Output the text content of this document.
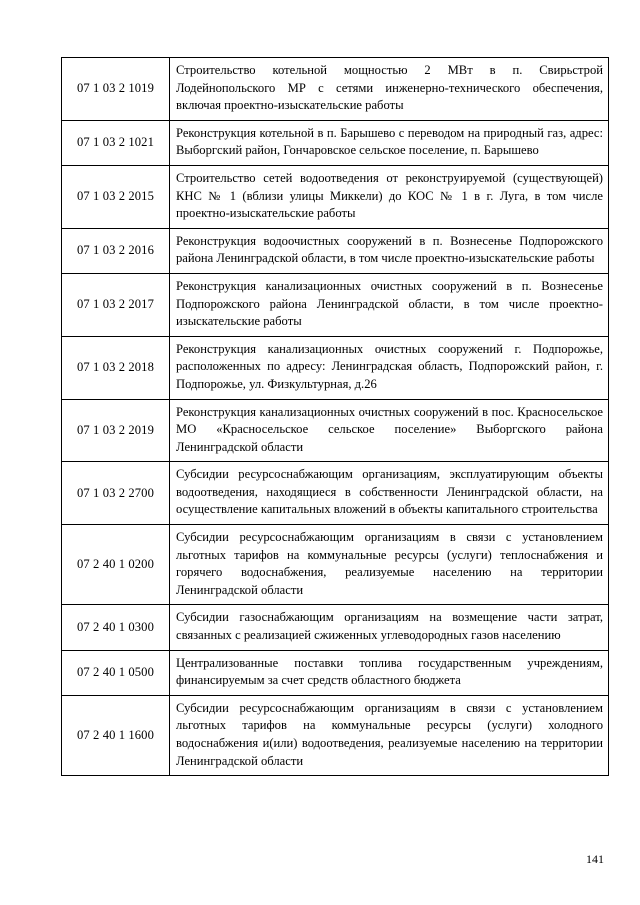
07 1 03 2 1019	Строительство котельной мощностью 2 МВт в п. Свирьстрой Лодейнопольского МР с сетями инженерно-технического обеспечения, включая проектно-изыскательские работы

07 1 03 2 1021	Реконструкция котельной в п. Барышево с переводом на природный газ, адрес: Выборгский район, Гончаровское сельское поселение, п. Барышево

07 1 03 2 2015	Строительство сетей водоотведения от реконструируемой (существующей) КНС № 1 (вблизи улицы Миккели) до КОС № 1 в г. Луга, в том числе проектно-изыскательские работы

07 1 03 2 2016	Реконструкция водоочистных сооружений в п. Вознесенье Подпорожского района Ленинградской области, в том числе проектно-изыскательские работы

07 1 03 2 2017	Реконструкция канализационных очистных сооружений в п. Вознесенье Подпорожского района Ленинградской области, в том числе проектно-изыскательские работы

07 1 03 2 2018	Реконструкция канализационных очистных сооружений г. Подпорожье, расположенных по адресу: Ленинградская область, Подпорожский район, г. Подпорожье, ул. Физкультурная, д.26

07 1 03 2 2019	Реконструкция канализационных очистных сооружений в пос. Красносельское МО «Красносельское сельское поселение» Выборгского района Ленинградской области

07 1 03 2 2700	Субсидии ресурсоснабжающим организациям, эксплуатирующим объекты водоотведения, находящиеся в собственности Ленинградской области, на осуществление капитальных вложений в объекты капитального строительства

07 2 40 1 0200	Субсидии ресурсоснабжающим организациям в связи с установлением льготных тарифов на коммунальные ресурсы (услуги) теплоснабжения и горячего водоснабжения, реализуемые населению на территории Ленинградской области

07 2 40 1 0300	Субсидии газоснабжающим организациям на возмещение части затрат, связанных с реализацией сжиженных углеводородных газов населению

07 2 40 1 0500	Централизованные поставки топлива государственным учреждениям, финансируемым за счет средств областного бюджета

07 2 40 1 1600	Субсидии ресурсоснабжающим организациям в связи с установлением льготных тарифов на коммунальные ресурсы (услуги) холодного водоснабжения и(или) водоотведения, реализуемые населению на территории Ленинградской области
141
